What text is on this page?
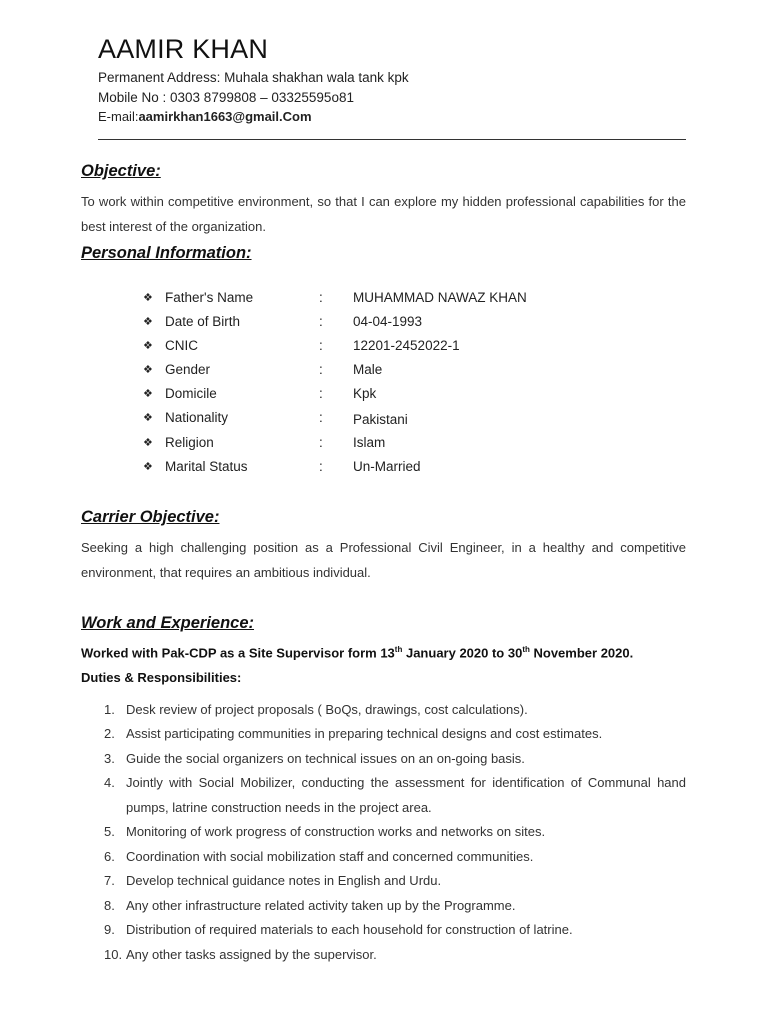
AAMIR KHAN
Permanent Address: Muhala shakhan wala tank kpk
Mobile No : 0303 8799808 – 03325595o81
E-mail:aamirkhan1663@gmail.Com
Objective:
To work within competitive environment, so that I can explore my hidden professional capabilities for the best interest of the organization.
Personal Information:
❖ Father's Name	:	MUHAMMAD NAWAZ KHAN
❖ Date of Birth	:	04-04-1993
❖ CNIC	:	12201-2452022-1
❖ Gender	:	Male
❖ Domicile	:	Kpk
❖ Nationality	:	Pakistani
❖ Religion	:	Islam
❖ Marital Status	:	Un-Married
Carrier Objective:
Seeking a high challenging position as a Professional Civil Engineer, in a healthy and competitive environment, that requires an ambitious individual.
Work and Experience:
Worked with Pak-CDP as a Site Supervisor form 13th January 2020 to 30th November 2020.
Duties & Responsibilities:
1. Desk review of project proposals ( BoQs, drawings, cost calculations).
2. Assist participating communities in preparing technical designs and cost estimates.
3. Guide the social organizers on technical issues on an on-going basis.
4. Jointly with Social Mobilizer, conducting the assessment for identification of Communal hand pumps, latrine construction needs in the project area.
5. Monitoring of work progress of construction works and networks on sites.
6. Coordination with social mobilization staff and concerned communities.
7. Develop technical guidance notes in English and Urdu.
8. Any other infrastructure related activity taken up by the Programme.
9. Distribution of required materials to each household for construction of latrine.
10. Any other tasks assigned by the supervisor.
